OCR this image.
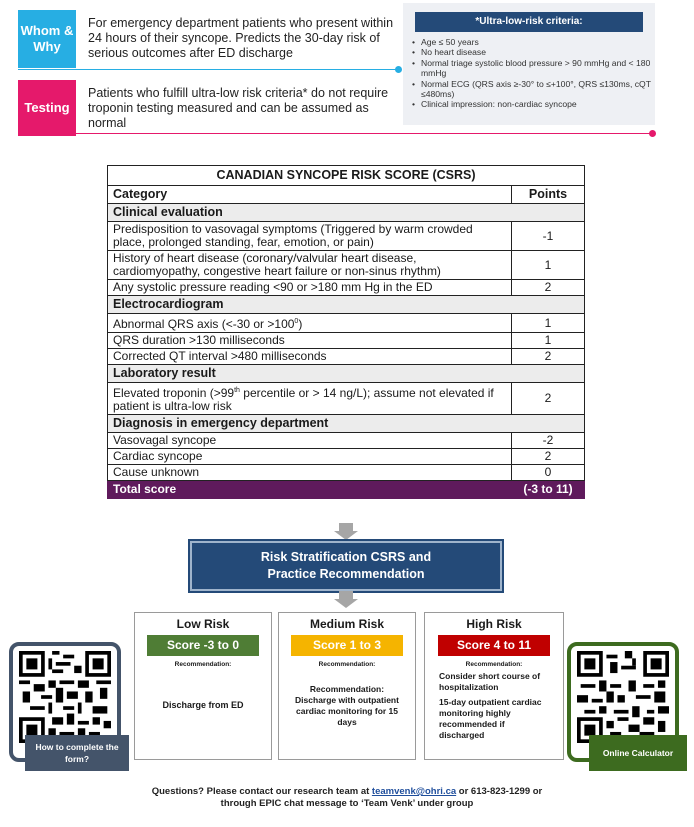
Whom & Why
For emergency department patients who present within 24 hours of their syncope. Predicts the 30-day risk of serious outcomes after ED discharge
Testing
Patients who fulfill ultra-low risk criteria* do not require troponin testing measured and can be assumed as normal
*Ultra-low-risk criteria:
• Age ≤ 50 years
• No heart disease
• Normal triage systolic blood pressure > 90 mmHg and < 180 mmHg
• Normal ECG (QRS axis ≥-30° to ≤+100°, QRS ≤130ms, cQT ≤480ms)
• Clinical impression: non-cardiac syncope
CANADIAN SYNCOPE RISK SCORE (CSRS)	
Category	Points
Clinical evaluation	
Predisposition to vasovagal symptoms (Triggered by warm crowded place, prolonged standing, fear, emotion, or pain)	-1
History of heart disease (coronary/valvular heart disease, cardiomyopathy, congestive heart failure or non-sinus rhythm)	1
Any systolic pressure reading <90 or >180 mm Hg in the ED	2
Electrocardiogram	
Abnormal QRS axis (<-30 or $>100^0$)	1
QRS duration >130 milliseconds	1
Corrected QT interval >480 milliseconds	2
Laboratory result	
Elevated troponin (>99th percentile or > 14 ng/L); assume not elevated if patient is ultra-low risk	2
Diagnosis in emergency department	
Vasovagal syncope	-2
Cardiac syncope	2
Cause unknown	0
Total score	(-3 to 11)
Risk Stratification CSRS and
Practice Recommendation
Low Risk
Score -3 to 0
Recommendation:
Discharge from ED
Medium Risk
Score 1 to 3
Recommendation:
Recommendation:
Discharge with outpatient cardiac monitoring for 15 days
High Risk
Score 4 to 11
Recommendation:
Consider short course of hospitalization
15-day outpatient cardiac monitoring highly recommended if discharged
How to complete the form?
Online Calculator
Questions? Please contact our research team at teamvenk@ohri.ca or 613-823-1299 or
through EPIC chat message to ‘Team Venk’ under group
